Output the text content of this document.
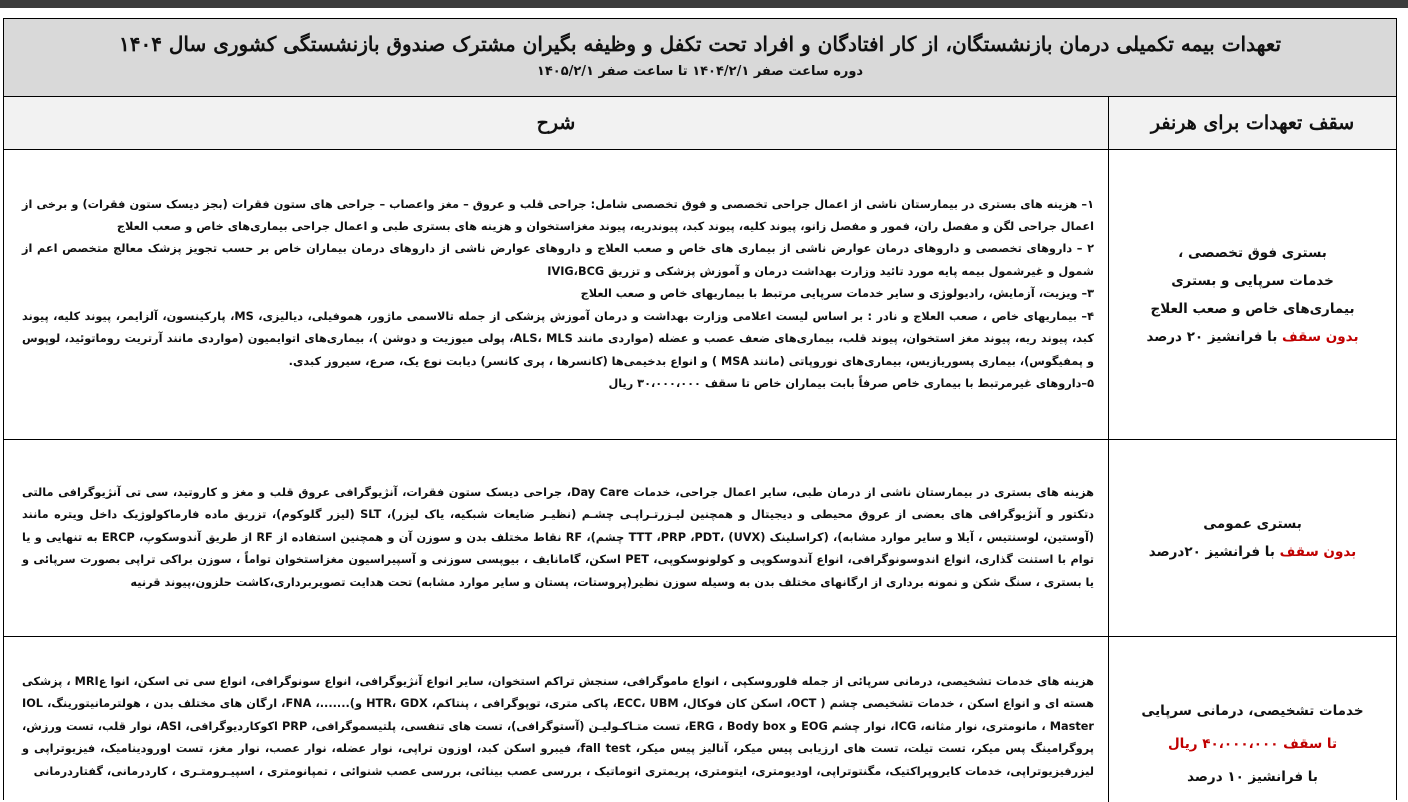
تعهدات بیمه تکمیلی درمان بازنشستگان، از کار افتادگان و افراد تحت تکفل و وظیفه بگیران مشترک صندوق بازنشستگی کشوری سال ۱۴۰۴
دوره ساعت صفر ۱۴۰۴/۲/۱ تا ساعت صفر ۱۴۰۵/۲/۱
سقف تعهدات برای هرنفر
شرح
بستری فوق تخصصی ،
خدمات سرپایی و بستری
بیماری‌های خاص و صعب العلاج
بدون سقف با فرانشیز ۲۰ درصد

۱– هزینه های بستری در بیمارستان ناشی از اعمال جراحی تخصصی و فوق تخصصی شامل: جراحی قلب و عروق – مغز واعصاب – جراحی های ستون فقرات (بجز دیسک ستون فقرات) و برخی از اعمال جراحی لگن و مفصل ران، فمور و مفصل زانو، پیوند کلیه، پیوند کبد، پیوندریه، پیوند مغزاستخوان و هزینه های بستری طبی و اعمال جراحی بیماری‌های خاص و صعب العلاج

۲ – داروهای تخصصی و داروهای درمان عوارض ناشی از بیماری های خاص و صعب العلاج و داروهای عوارض ناشی از داروهای درمان بیماران خاص بر حسب تجویز پزشک معالج متخصص اعم از شمول و غیرشمول بیمه پایه مورد تائید وزارت بهداشت درمان و آموزش پزشکی و تزریق IVIG،BCG

۳– ویزیت، آزمایش، رادیولوژی و سایر خدمات سرپایی مرتبط با بیماریهای خاص و صعب العلاج

۴– بیماریهای خاص ، صعب العلاج و نادر : بر اساس لیست اعلامی وزارت بهداشت و درمان آموزش پزشکی از جمله تالاسمی ماژور، هموفیلی، دیالیزی، MS، پارکینسون، آلزایمر، پیوند کلیه، پیوند کبد، پیوند ریه، پیوند مغز استخوان، پیوند قلب، بیماری‌های ضعف عصب و عضله (مواردی مانند ALS، MLS، پولی میوزیت و دوشن )، بیماری‌های اتوایمیون (مواردی مانند آرتریت روماتوئید، لوپوس و پمفیگوس)، بیماری پسوریازیس، بیماری‌های نوروپاتی (مانند MSA ) و انواع بدخیمی‌ها (کانسرها ، پری کانسر) دیابت نوع یک، صرع، سیروز کبدی.

۵–داروهای غیرمرتبط با بیماری خاص صرفاً بابت بیماران خاص تا سقف ۳۰،۰۰۰،۰۰۰ ریال

بستری عمومی
بدون سقف با فرانشیز ۲۰درصد

هزینه های بستری در بیمارستان ناشی از درمان طبی، سایر اعمال جراحی، خدمات Day Care، جراحی دیسک ستون فقرات، آنژیوگرافی عروق قلب و مغز و کاروتید، سی تی آنژیوگرافی مالتی دتکتور و آنژیوگرافی های بعضی از عروق محیطی و دیجیتال و همچنین لیـزرتـراپـی چشـم (نظیـر ضایعات شبکیه، یاک لیزر)، SLT (لیزر گلوکوم)، تزریق ماده فارماکولوژیک داخل ویتره مانند (آوستین، لوسنتیس ، آیلا و سایر موارد مشابه)، (کراسلینک TTT ،PRP ،PDT، (UVX) چشم)، RF نقاط مختلف بدن و سوزن آن و همچنین استفاده از RF از طریق آندوسکوپ، ERCP به تنهایی و یا توام با استنت گذاری، انواع اندوسونوگرافی، انواع آندوسکوپی و کولونوسکوپی، PET اسکن، گامانایف ، بیوپسی سوزنی و آسپیراسیون مغزاستخوان تواماً ، سوزن براکی تراپی بصورت سرپائی و یا بستری ، سنگ شکن و نمونه برداری از ارگانهای مختلف بدن به وسیله سوزن نظیر(پروستات، پستان و سایر موارد مشابه) تحت هدایت تصویربرداری،کاشت حلزون،پیوند قرنیه

خدمات تشخیصی، درمانی سرپایی
تا سقف ۴۰،۰۰۰،۰۰۰ ریال
با فرانشیز ۱۰ درصد

هزینه های خدمات تشخیصی، درمانی سرپائی از جمله فلوروسکپی ، انواع ماموگرافی، سنجش تراکم استخوان، سایر انواع آنژیوگرافی، انواع سونوگرافی، انواع سی تی اسکن، انوا عMRI ، پزشکی هسته ای و انواع اسکن ، خدمات تشخیصی چشم ( OCT، اسکن کان فوکال، ECC، UBM، پاکی متری، توپوگرافی ، پنتاکم، HTR، GDX و).......، FNA، ارگان های مختلف بدن ، هولترمانیتورینگ، IOL Master ، مانومتری، نوار مثانه، ICG، نوار چشم EOG و ERG ، Body box، تست متـاکـولیـن (آستوگرافی)، تست های تنفسی، پلتیسموگرافی، PRP اکوکاردیوگرافی، ASI، نوار قلب، تست ورزش، پروگرامینگ پس میکر، تست تیلت، تست های ارزیابی پیس میکر، آنالیز پیس میکر، fall test، فیبرو اسکن کبد، اوزون تراپی، نوار عضله، نوار عصب، نوار مغز، تست اورودینامیک، فیزیوتراپی و لیزرفیزیوتراپی، خدمات کایروپراکتیک، مگنتوتراپی، اودیومتری، ایتومتری، پریمتری اتوماتیک ، بررسی عصب بینائی، بررسی عصب شنوائی ، تمپانومتری ، اسپیـرومتـری ، کاردرمانی، گفتاردرمانی
